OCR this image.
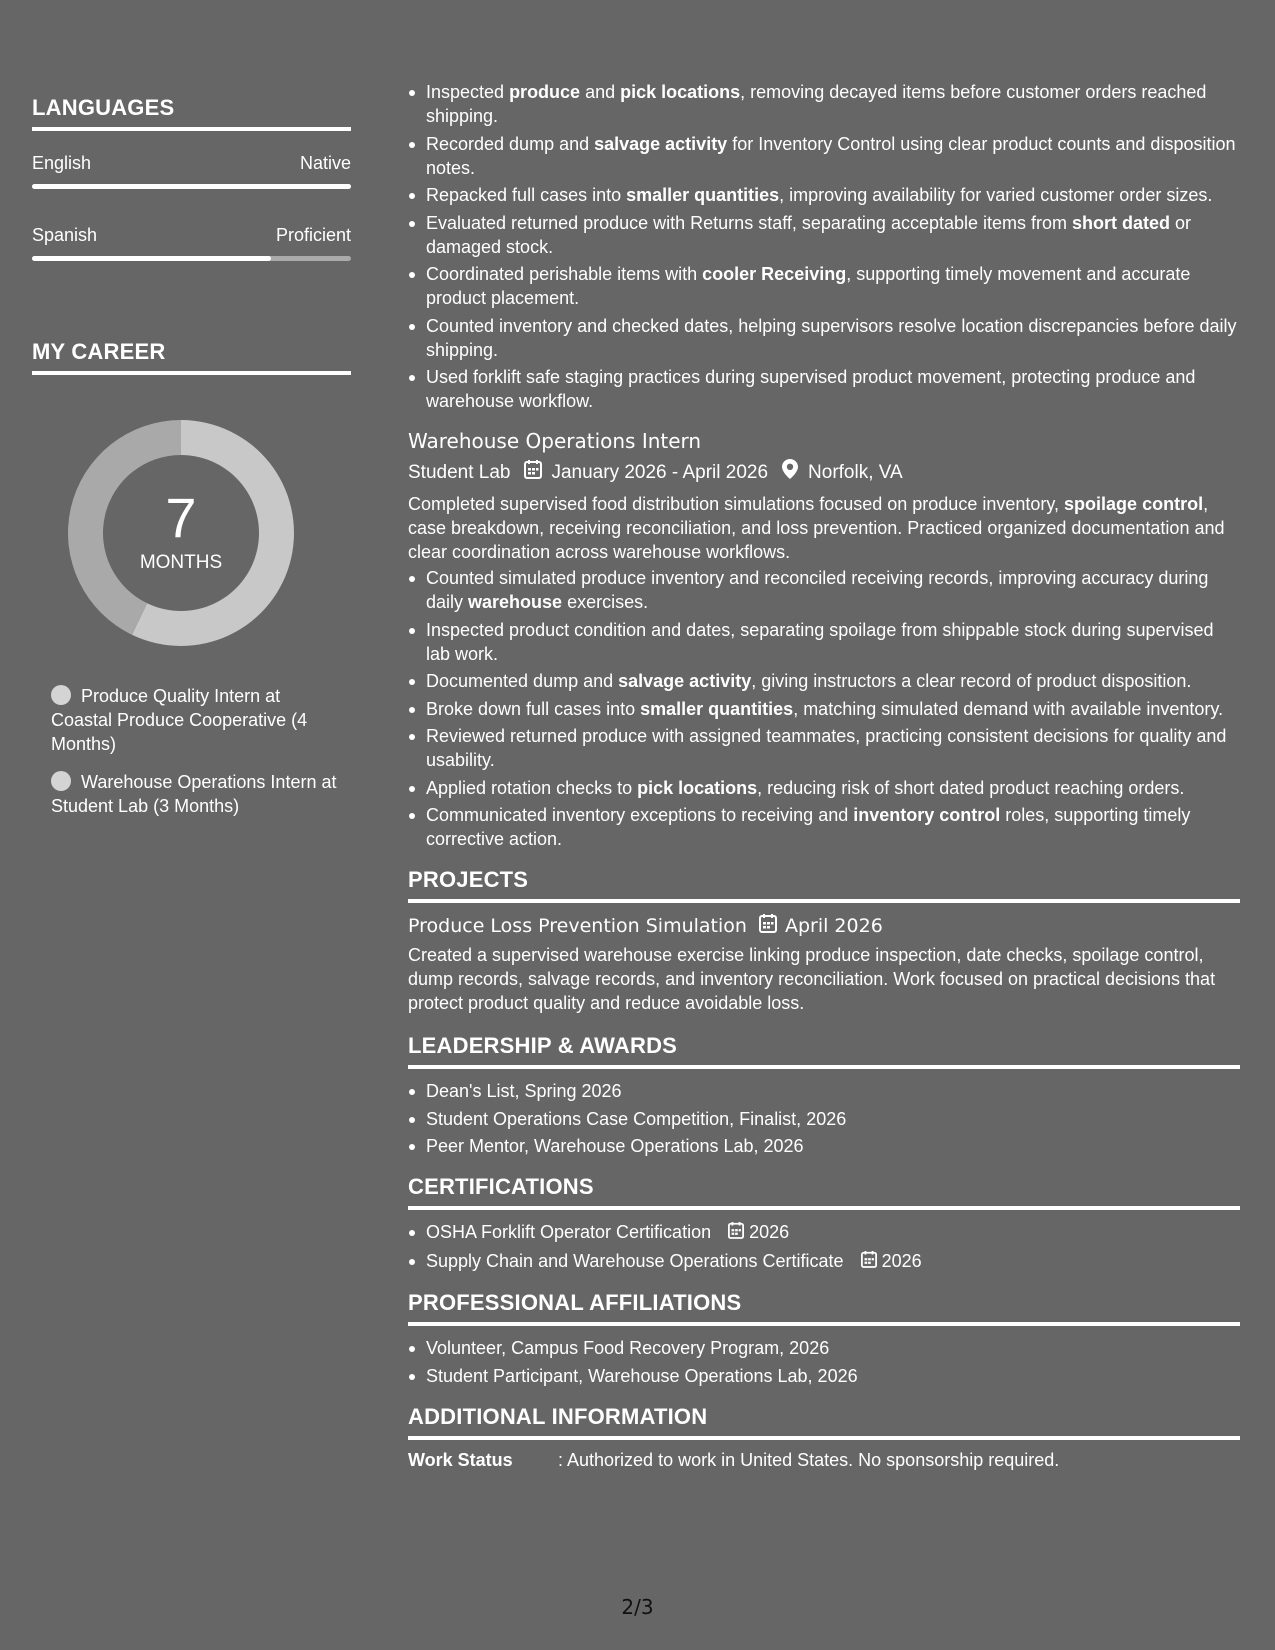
LANGUAGES
English	Native
Spanish	Proficient
MY CAREER
7
MONTHS
Produce Quality Intern at Coastal Produce Cooperative (4 Months)
Warehouse Operations Intern at Student Lab (3 Months)
Inspected produce and pick locations, removing decayed items before customer orders reached shipping.
Recorded dump and salvage activity for Inventory Control using clear product counts and disposition notes.
Repacked full cases into smaller quantities, improving availability for varied customer order sizes.
Evaluated returned produce with Returns staff, separating acceptable items from short dated or damaged stock.
Coordinated perishable items with cooler Receiving, supporting timely movement and accurate product placement.
Counted inventory and checked dates, helping supervisors resolve location discrepancies before daily shipping.
Used forklift safe staging practices during supervised product movement, protecting produce and warehouse workflow.
Warehouse Operations Intern
Student Lab January 2026 - April 2026 Norfolk, VA
Completed supervised food distribution simulations focused on produce inventory, spoilage control, case breakdown, receiving reconciliation, and loss prevention. Practiced organized documentation and clear coordination across warehouse workflows.
Counted simulated produce inventory and reconciled receiving records, improving accuracy during daily warehouse exercises.
Inspected product condition and dates, separating spoilage from shippable stock during supervised lab work.
Documented dump and salvage activity, giving instructors a clear record of product disposition.
Broke down full cases into smaller quantities, matching simulated demand with available inventory.
Reviewed returned produce with assigned teammates, practicing consistent decisions for quality and usability.
Applied rotation checks to pick locations, reducing risk of short dated product reaching orders.
Communicated inventory exceptions to receiving and inventory control roles, supporting timely corrective action.
PROJECTS
Produce Loss Prevention Simulation April 2026
Created a supervised warehouse exercise linking produce inspection, date checks, spoilage control, dump records, salvage records, and inventory reconciliation. Work focused on practical decisions that protect product quality and reduce avoidable loss.
LEADERSHIP & AWARDS
Dean's List, Spring 2026
Student Operations Case Competition, Finalist, 2026
Peer Mentor, Warehouse Operations Lab, 2026
CERTIFICATIONS
OSHA Forklift Operator Certification 2026
Supply Chain and Warehouse Operations Certificate 2026
PROFESSIONAL AFFILIATIONS
Volunteer, Campus Food Recovery Program, 2026
Student Participant, Warehouse Operations Lab, 2026
ADDITIONAL INFORMATION
Work Status	: Authorized to work in United States. No sponsorship required.
2/3
